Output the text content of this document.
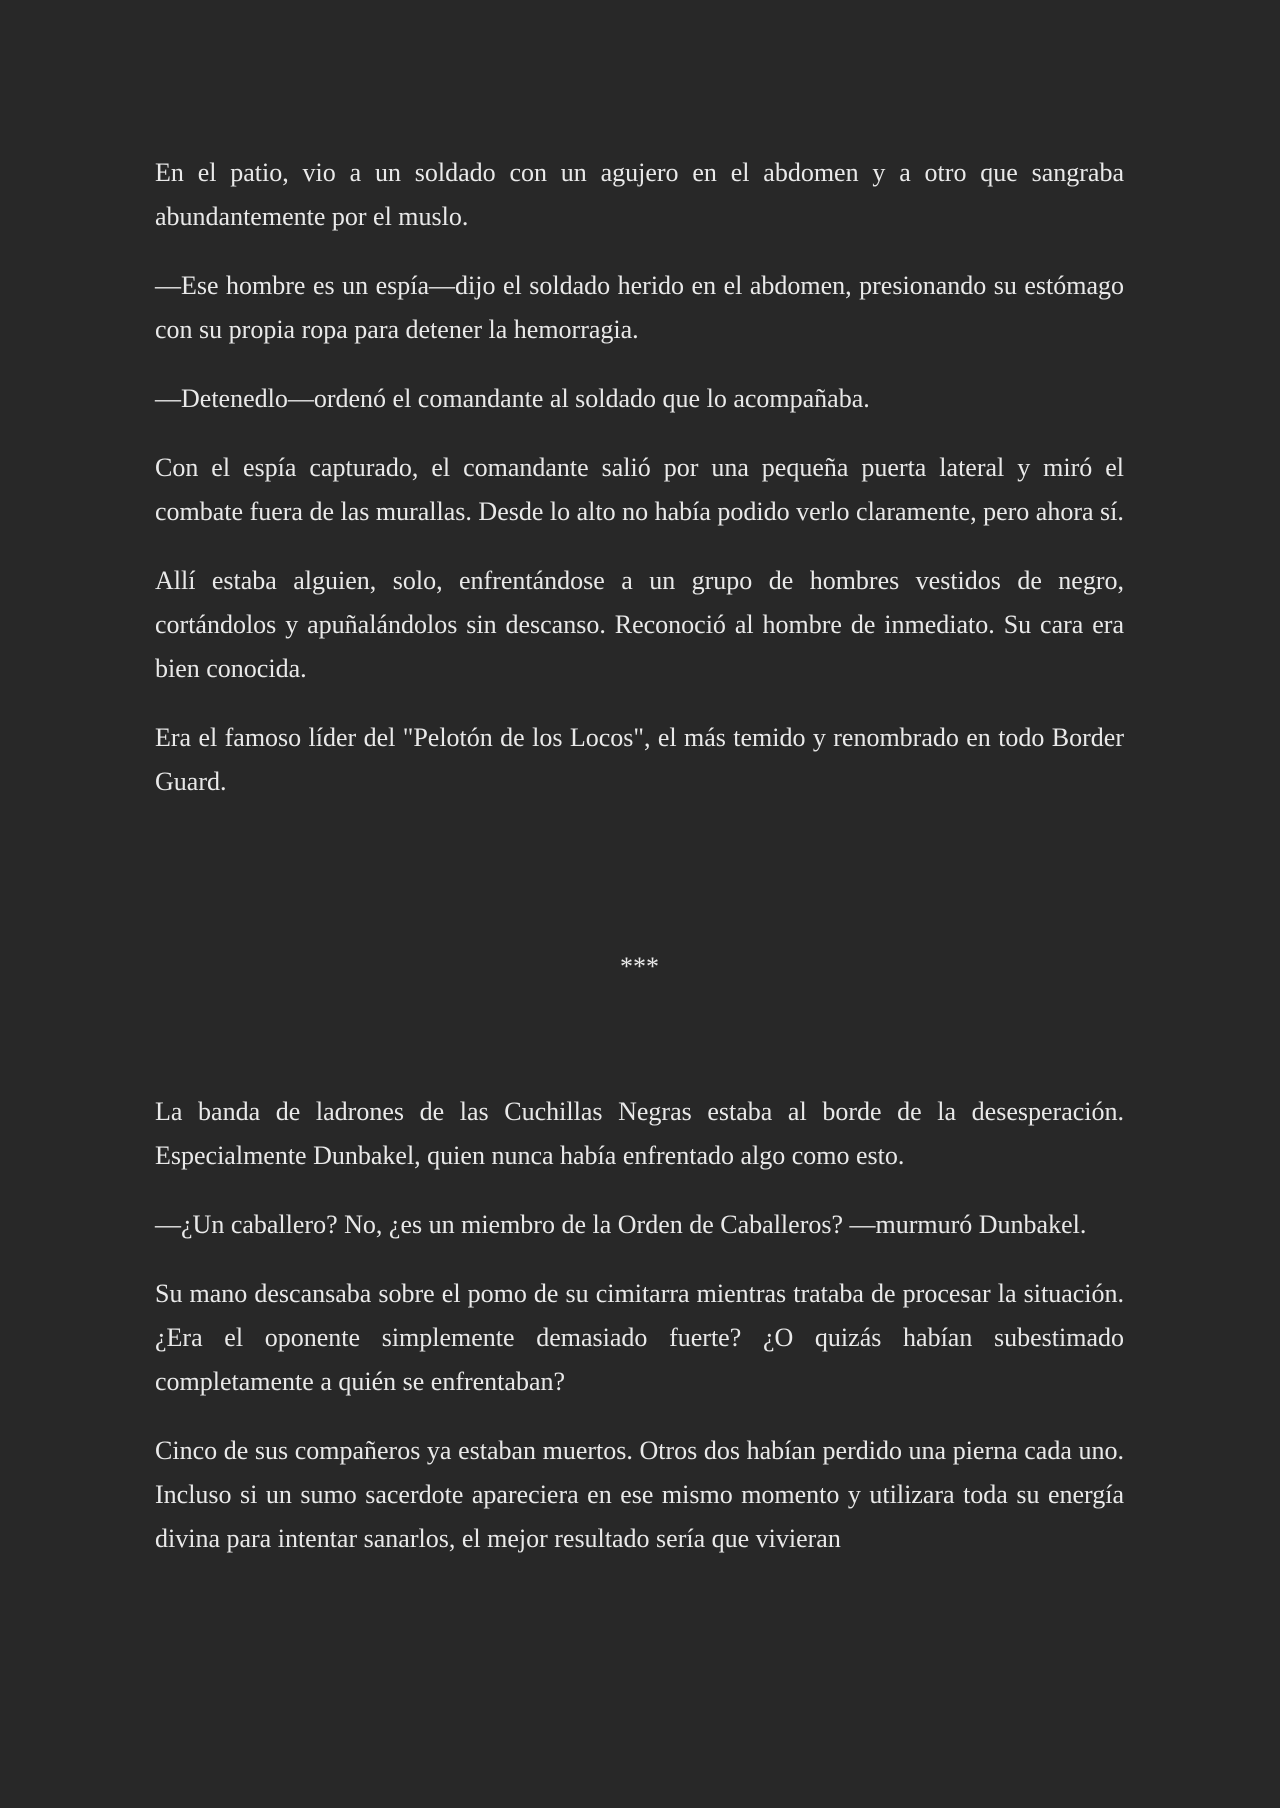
En el patio, vio a un soldado con un agujero en el abdomen y a otro que sangraba abundantemente por el muslo.

—Ese hombre es un espía—dijo el soldado herido en el abdomen, presionando su estómago con su propia ropa para detener la hemorragia.

—Detenedlo—ordenó el comandante al soldado que lo acompañaba.

Con el espía capturado, el comandante salió por una pequeña puerta lateral y miró el combate fuera de las murallas. Desde lo alto no había podido verlo claramente, pero ahora sí.

Allí estaba alguien, solo, enfrentándose a un grupo de hombres vestidos de negro, cortándolos y apuñalándolos sin descanso. Reconoció al hombre de inmediato. Su cara era bien conocida.

Era el famoso líder del "Pelotón de los Locos", el más temido y renombrado en todo Border Guard.

***

La banda de ladrones de las Cuchillas Negras estaba al borde de la desesperación. Especialmente Dunbakel, quien nunca había enfrentado algo como esto.

—¿Un caballero? No, ¿es un miembro de la Orden de Caballeros? —murmuró Dunbakel.

Su mano descansaba sobre el pomo de su cimitarra mientras trataba de procesar la situación. ¿Era el oponente simplemente demasiado fuerte? ¿O quizás habían subestimado completamente a quién se enfrentaban?

Cinco de sus compañeros ya estaban muertos. Otros dos habían perdido una pierna cada uno. Incluso si un sumo sacerdote apareciera en ese mismo momento y utilizara toda su energía divina para intentar sanarlos, el mejor resultado sería que vivieran
